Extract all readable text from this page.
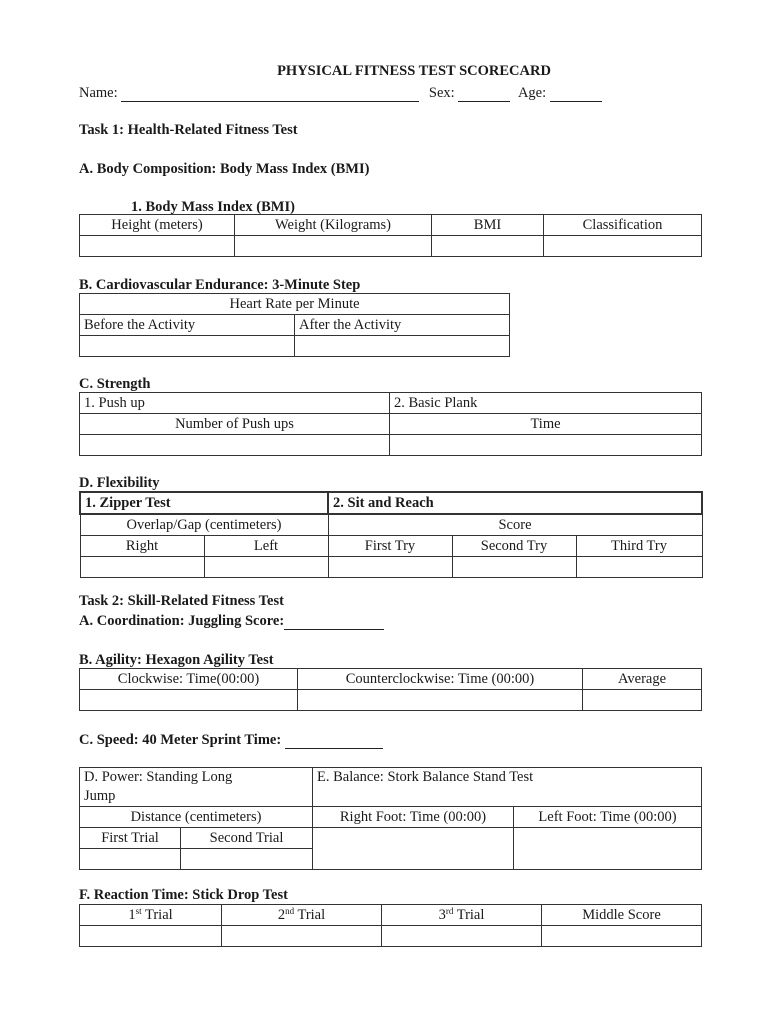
PHYSICAL FITNESS TEST SCORECARD
Name:	Sex:	Age:
Task 1: Health-Related Fitness Test
A. Body Composition: Body Mass Index (BMI)
1. Body Mass Index (BMI)
Height (meters)	Weight (Kilograms)	BMI	Classification

B. Cardiovascular Endurance: 3-Minute Step
Heart Rate per Minute	
Before the Activity	After the Activity

C. Strength
1. Push up	2. Basic Plank
Number of Push ups	Time

D. Flexibility
1. Zipper Test		2. Sit and Reach		
Overlap/Gap (centimeters)		Score		
Right	Left	First Try	Second Try	Third Try

Task 2: Skill-Related Fitness Test
A. Coordination: Juggling Score:
B. Agility: Hexagon Agility Test
Clockwise: Time(00:00)	Counterclockwise: Time (00:00)	Average

C. Speed: 40 Meter Sprint Time:
D. Power: Standing Long
Jump		E. Balance: Stork Balance Stand Test	
Distance (centimeters)		Right Foot: Time (00:00)	Left Foot: Time (00:00)
First Trial	Second Trial		

F. Reaction Time: Stick Drop Test
1st Trial	2nd Trial	3rd Trial	Middle Score
